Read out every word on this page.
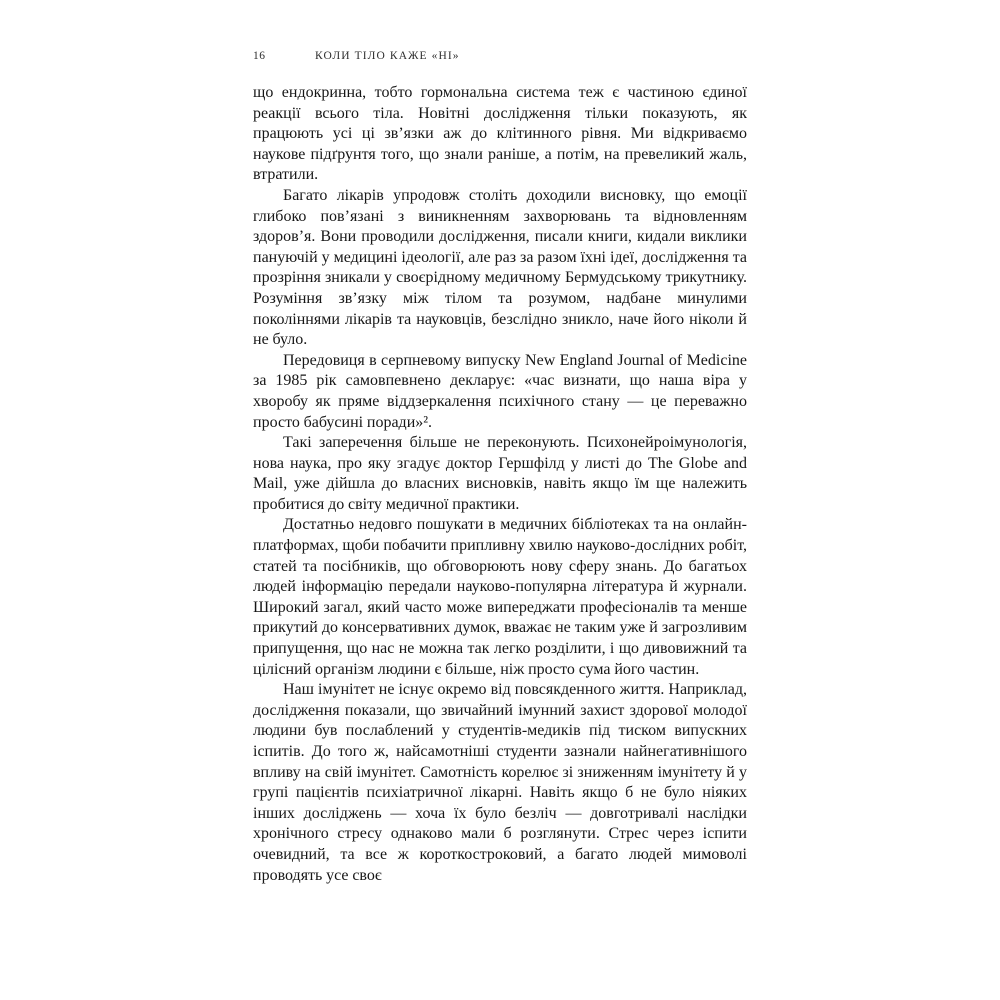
16	КОЛИ ТІЛО КАЖЕ «НІ»

що ендокринна, тобто гормональна система теж є частиною єдиної реакції всього тіла. Новітні дослідження тільки показують, як працюють усі ці зв’язки аж до клітинного рівня. Ми відкриваємо наукове підґрунтя того, що знали раніше, а потім, на превеликий жаль, втратили.

Багато лікарів упродовж століть доходили висновку, що емоції глибоко пов’язані з виникненням захворювань та відновленням здоров’я. Вони проводили дослідження, писали книги, кидали виклики пануючій у медицині ідеології, але раз за разом їхні ідеї, дослідження та прозріння зникали у своєрідному медичному Бермудському трикутнику. Розуміння зв’язку між тілом та розумом, надбане минулими поколіннями лікарів та науковців, безслідно зникло, наче його ніколи й не було.

Передовиця в серпневому випуску New England Journal of Medicine за 1985 рік самовпевнено декларує: «час визнати, що наша віра у хворобу як пряме віддзеркалення психічного стану — це переважно просто бабусині поради»².

Такі заперечення більше не переконують. Психонейроімунологія, нова наука, про яку згадує доктор Гершфілд у листі до The Globe and Mail, уже дійшла до власних висновків, навіть якщо їм ще належить пробитися до світу медичної практики.

Достатньо недовго пошукати в медичних бібліотеках та на онлайн-платформах, щоби побачити припливну хвилю науково-дослідних робіт, статей та посібників, що обговорюють нову сферу знань. До багатьох людей інформацію передали науково-популярна література й журнали. Широкий загал, який часто може випереджати професіоналів та менше прикутий до консервативних думок, вважає не таким уже й загрозливим припущення, що нас не можна так легко розділити, і що дивовижний та цілісний організм людини є більше, ніж просто сума його частин.

Наш імунітет не існує окремо від повсякденного життя. Наприклад, дослідження показали, що звичайний імунний захист здорової молодої людини був послаблений у студентів-медиків під тиском випускних іспитів. До того ж, найсамотніші студенти зазнали найнегативнішого впливу на свій імунітет. Самотність корелює зі зниженням імунітету й у групі пацієнтів психіатричної лікарні. Навіть якщо б не було ніяких інших досліджень — хоча їх було безліч — довготривалі наслідки хронічного стресу однаково мали б розглянути. Стрес через іспити очевидний, та все ж короткостроковий, а багато людей мимоволі проводять усе своє
